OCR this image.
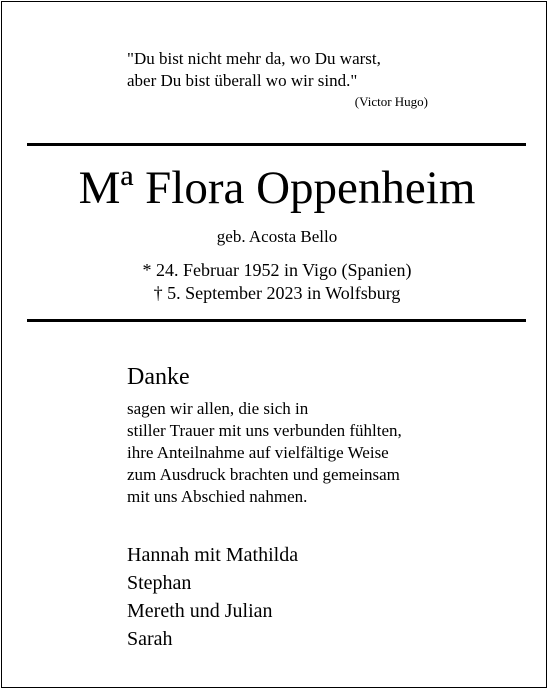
"Du bist nicht mehr da, wo Du warst,
aber Du bist überall wo wir sind."
(Victor Hugo)
Mª Flora Oppenheim
geb. Acosta Bello
* 24. Februar 1952 in Vigo (Spanien)
† 5. September 2023 in Wolfsburg
Danke
sagen wir allen, die sich in
stiller Trauer mit uns verbunden fühlten,
ihre Anteilnahme auf vielfältige Weise
zum Ausdruck brachten und gemeinsam
mit uns Abschied nahmen.
Hannah mit Mathilda
Stephan
Mereth und Julian
Sarah
